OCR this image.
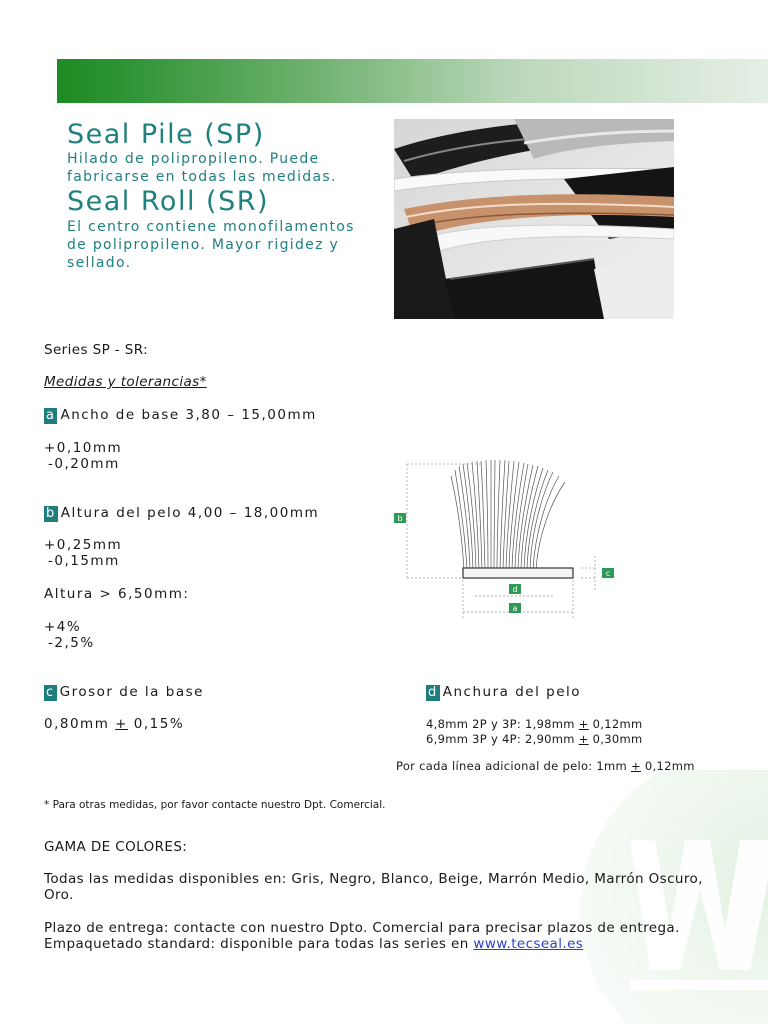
Seal Pile (SP)
Hilado de polipropileno. Puede
fabricarse en todas las medidas.
Seal Roll (SR)
El centro contiene monofilamentos
de polipropileno. Mayor rigidez y
sellado.
Series SP - SR:
Medidas y tolerancias*
a Ancho de base 3,80 – 15,00mm
+0,10mm
-0,20mm
b Altura del pelo 4,00 – 18,00mm
+0,25mm
-0,15mm
Altura > 6,50mm:
+4%
-2,5%
c Grosor de la base
0,80mm + 0,15%
d Anchura del pelo
4,8mm 2P y 3P: 1,98mm + 0,12mm
6,9mm 3P y 4P: 2,90mm + 0,30mm
Por cada línea adicional de pelo: 1mm + 0,12mm
b
c
d
a
* Para otras medidas, por favor contacte nuestro Dpt. Comercial.
GAMA DE COLORES:
Todas las medidas disponibles en: Gris, Negro, Blanco, Beige, Marrón Medio, Marrón Oscuro,
Oro.
Plazo de entrega: contacte con nuestro Dpto. Comercial para precisar plazos de entrega.
Empaquetado standard: disponible para todas las series en www.tecseal.es
